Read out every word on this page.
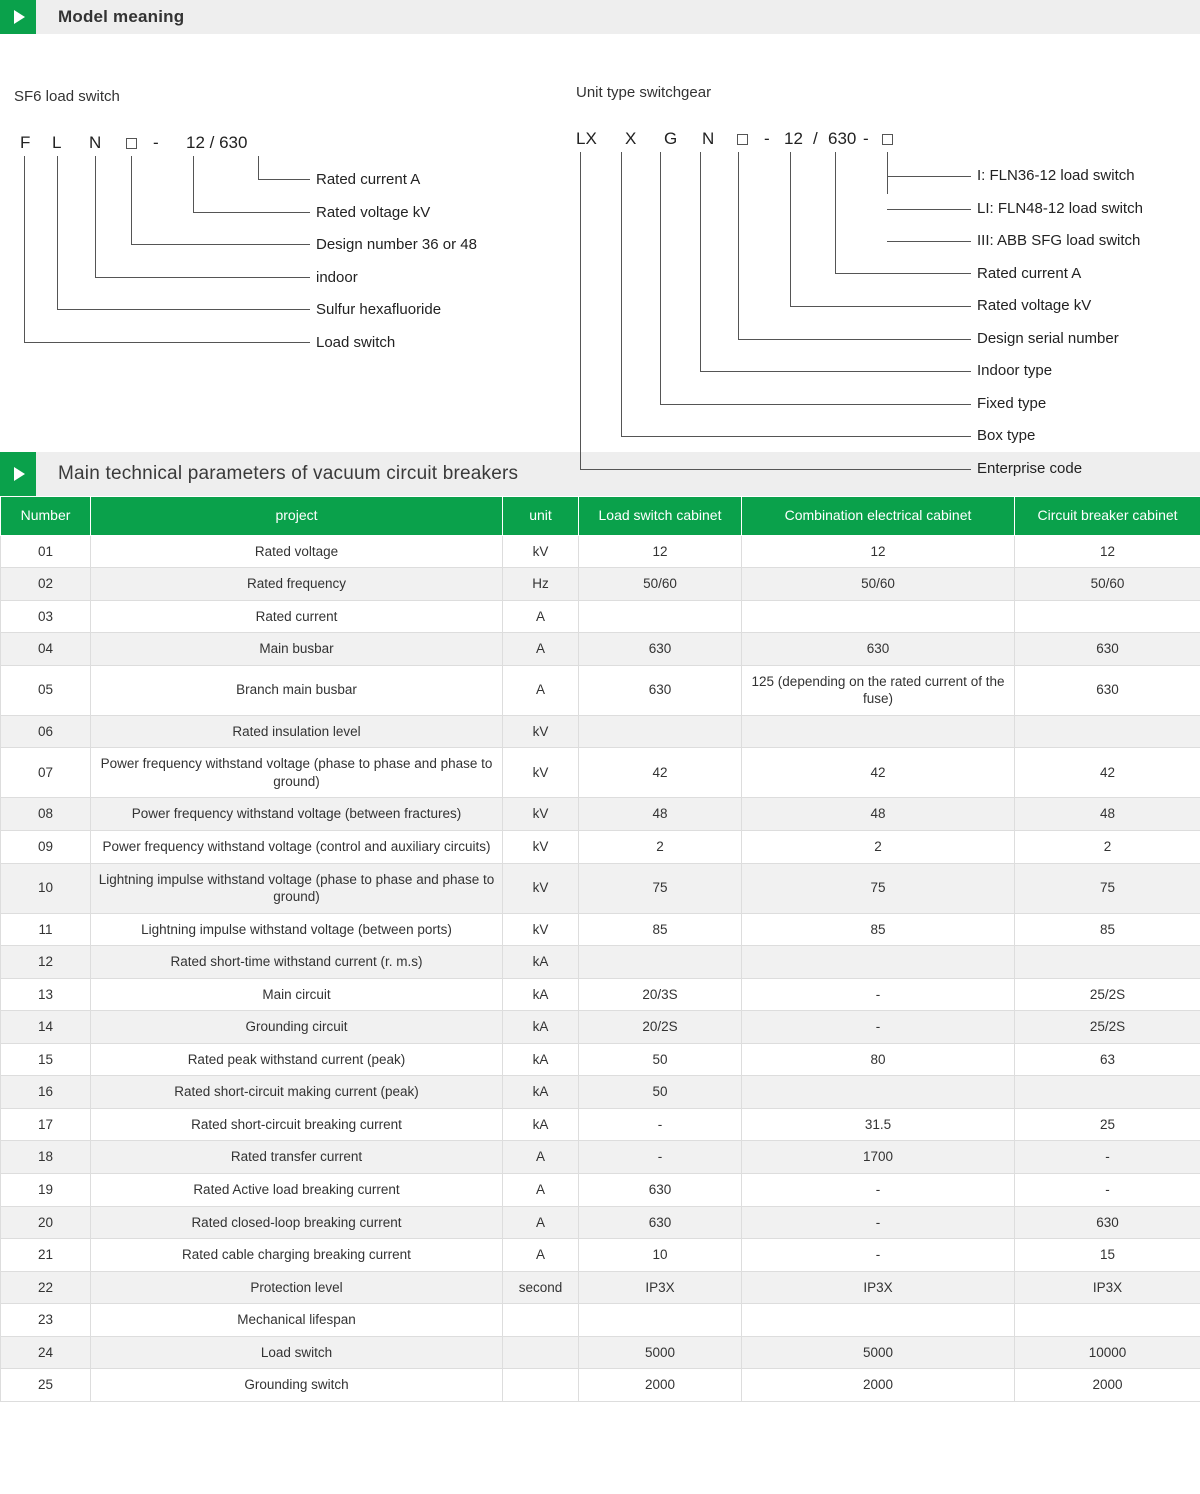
Model meaning
SF6 load switch
F L N	- 12 / 630
Rated current A
Rated voltage kV
Design number 36 or 48
indoor
Sulfur hexafluoride
Load switch
Unit type switchgear
LX X G N	- 12 / 630 -
I: FLN36-12 load switch
LI: FLN48-12 load switch
III: ABB SFG load switch
Rated current A
Rated voltage kV
Design serial number
Indoor type
Fixed type
Box type
Enterprise code
Main technical parameters of vacuum circuit breakers
Number	project	unit	Load switch cabinet	Combination electrical cabinet	Circuit breaker cabinet
01	Rated voltage	kV	12	12	12
02	Rated frequency	Hz	50/60	50/60	50/60
03	Rated current	A			
04	Main busbar	A	630	630	630
05	Branch main busbar	A	630	125 (depending on the rated current of the fuse)	630
06	Rated insulation level	kV			
07	Power frequency withstand voltage (phase to phase and phase to ground)	kV	42	42	42
08	Power frequency withstand voltage (between fractures)	kV	48	48	48
09	Power frequency withstand voltage (control and auxiliary circuits)	kV	2	2	2
10	Lightning impulse withstand voltage (phase to phase and phase to ground)	kV	75	75	75
11	Lightning impulse withstand voltage (between ports)	kV	85	85	85
12	Rated short-time withstand current (r. m.s)	kA			
13	Main circuit	kA	20/3S	-	25/2S
14	Grounding circuit	kA	20/2S	-	25/2S
15	Rated peak withstand current (peak)	kA	50	80	63
16	Rated short-circuit making current (peak)	kA	50		
17	Rated short-circuit breaking current	kA	-	31.5	25
18	Rated transfer current	A	-	1700	-
19	Rated Active load breaking current	A	630	-	-
20	Rated closed-loop breaking current	A	630	-	630
21	Rated cable charging breaking current	A	10	-	15
22	Protection level	second	IP3X	IP3X	IP3X
23	Mechanical lifespan				
24	Load switch		5000	5000	10000
25	Grounding switch		2000	2000	2000
